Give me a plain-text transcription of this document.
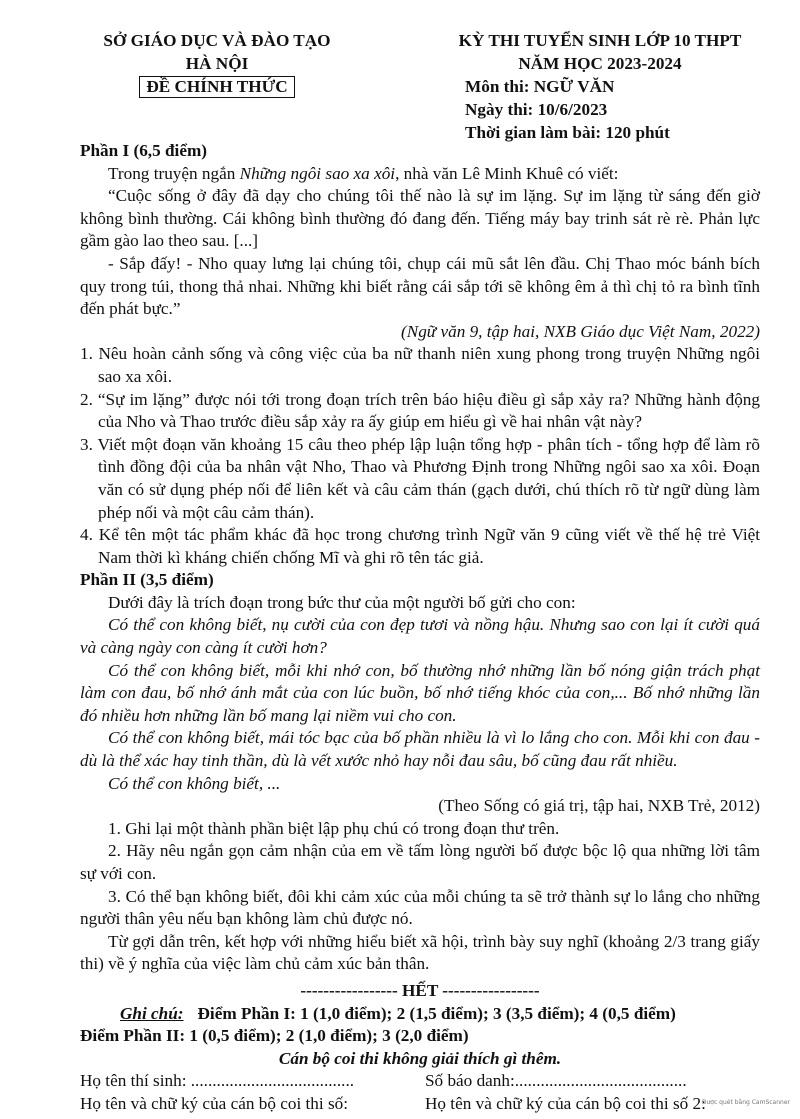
SỞ GIÁO DỤC VÀ ĐÀO TẠO
HÀ NỘI
ĐỀ CHÍNH THỨC
KỲ THI TUYỂN SINH LỚP 10 THPT
NĂM HỌC 2023-2024
Môn thi: NGỮ VĂN
Ngày thi: 10/6/2023
Thời gian làm bài: 120 phút
Phần I (6,5 điểm)

Trong truyện ngắn Những ngôi sao xa xôi, nhà văn Lê Minh Khuê có viết:

“Cuộc sống ở đây đã dạy cho chúng tôi thế nào là sự im lặng. Sự im lặng từ sáng đến giờ không bình thường. Cái không bình thường đó đang đến. Tiếng máy bay trinh sát rè rè. Phản lực gầm gào lao theo sau. [...]

- Sắp đấy! - Nho quay lưng lại chúng tôi, chụp cái mũ sắt lên đầu. Chị Thao móc bánh bích quy trong túi, thong thả nhai. Những khi biết rằng cái sắp tới sẽ không êm ả thì chị tỏ ra bình tĩnh đến phát bực.”

(Ngữ văn 9, tập hai, NXB Giáo dục Việt Nam, 2022)

1. Nêu hoàn cảnh sống và công việc của ba nữ thanh niên xung phong trong truyện Những ngôi sao xa xôi.
2. “Sự im lặng” được nói tới trong đoạn trích trên báo hiệu điều gì sắp xảy ra? Những hành động của Nho và Thao trước điều sắp xảy ra ấy giúp em hiểu gì về hai nhân vật này?
3. Viết một đoạn văn khoảng 15 câu theo phép lập luận tổng hợp - phân tích - tổng hợp để làm rõ tình đồng đội của ba nhân vật Nho, Thao và Phương Định trong Những ngôi sao xa xôi. Đoạn văn có sử dụng phép nối để liên kết và câu cảm thán (gạch dưới, chú thích rõ từ ngữ dùng làm phép nối và một câu cảm thán).
4. Kể tên một tác phẩm khác đã học trong chương trình Ngữ văn 9 cũng viết về thế hệ trẻ Việt Nam thời kì kháng chiến chống Mĩ và ghi rõ tên tác giả.
Phần II (3,5 điểm)

Dưới đây là trích đoạn trong bức thư của một người bố gửi cho con:

Có thể con không biết, nụ cười của con đẹp tươi và nồng hậu. Nhưng sao con lại ít cười quá và càng ngày con càng ít cười hơn?

Có thể con không biết, mỗi khi nhớ con, bố thường nhớ những lần bố nóng giận trách phạt làm con đau, bố nhớ ánh mắt của con lúc buồn, bố nhớ tiếng khóc của con,... Bố nhớ những lần đó nhiều hơn những lần bố mang lại niềm vui cho con.

Có thể con không biết, mái tóc bạc của bố phần nhiều là vì lo lắng cho con. Mỗi khi con đau - dù là thể xác hay tinh thần, dù là vết xước nhỏ hay nỗi đau sâu, bố cũng đau rất nhiều.

Có thể con không biết, ...

(Theo Sống có giá trị, tập hai, NXB Trẻ, 2012)

1. Ghi lại một thành phần biệt lập phụ chú có trong đoạn thư trên.

2. Hãy nêu ngắn gọn cảm nhận của em về tấm lòng người bố được bộc lộ qua những lời tâm sự với con.

3. Có thể bạn không biết, đôi khi cảm xúc của mỗi chúng ta sẽ trở thành sự lo lắng cho những người thân yêu nếu bạn không làm chủ được nó.

Từ gợi dẫn trên, kết hợp với những hiểu biết xã hội, trình bày suy nghĩ (khoảng 2/3 trang giấy thi) về ý nghĩa của việc làm chủ cảm xúc bản thân.

----------------- HẾT -----------------
Ghi chú: Điểm Phần I: 1 (1,0 điểm); 2 (1,5 điểm); 3 (3,5 điểm); 4 (0,5 điểm)
Điểm Phần II: 1 (0,5 điểm); 2 (1,0 điểm); 3 (2,0 điểm)
Cán bộ coi thi không giải thích gì thêm.
Họ tên thí sinh: ......................................	Số báo danh:........................................
Họ tên và chữ ký của cán bộ coi thi số:	Họ tên và chữ ký của cán bộ coi thi số 2:
Được quét bằng CamScanner
